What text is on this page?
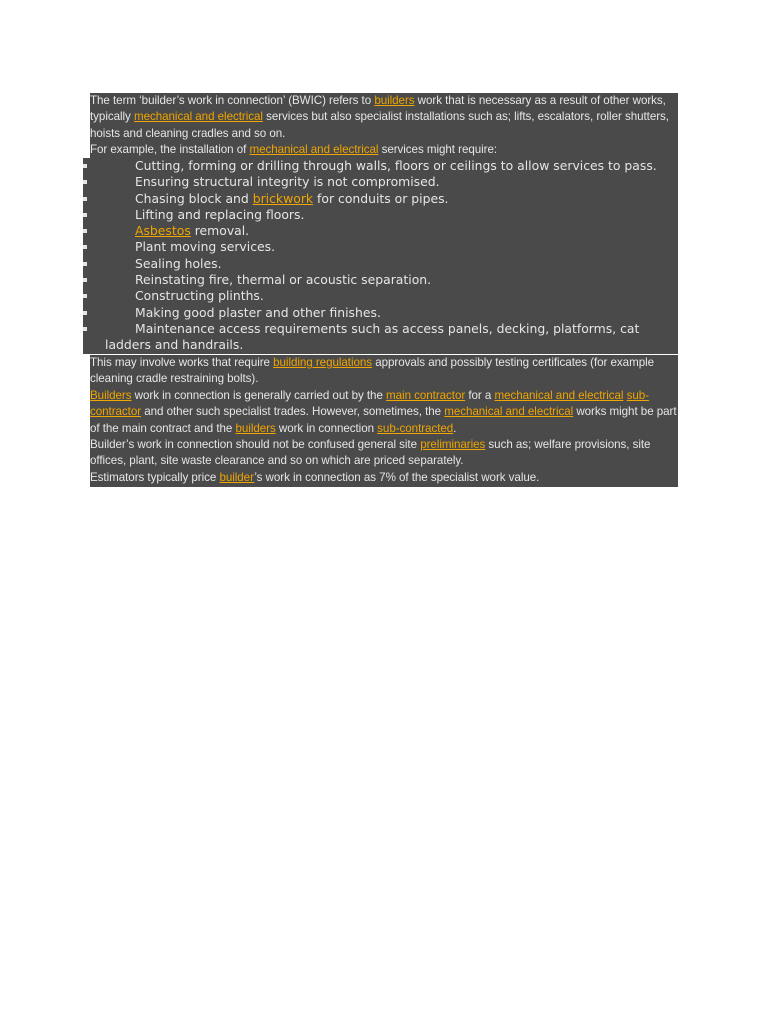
The term ‘builder’s work in connection’ (BWIC) refers to builders work that is necessary as a result of other works, typically mechanical and electrical services but also specialist installations such as; lifts, escalators, roller shutters, hoists and cleaning cradles and so on.

For example, the installation of mechanical and electrical services might require:

Cutting, forming or drilling through walls, floors or ceilings to allow services to pass.
Ensuring structural integrity is not compromised.
Chasing block and brickwork for conduits or pipes.
Lifting and replacing floors.
Asbestos removal.
Plant moving services.
Sealing holes.
Reinstating fire, thermal or acoustic separation.
Constructing plinths.
Making good plaster and other finishes.
Maintenance access requirements such as access panels, decking, platforms, cat
ladders and handrails.

This may involve works that require building regulations approvals and possibly testing certificates (for example cleaning cradle restraining bolts).

Builders work in connection is generally carried out by the main contractor for a mechanical and electrical sub-contractor and other such specialist trades. However, sometimes, the mechanical and electrical works might be part of the main contract and the builders work in connection sub-contracted.

Builder’s work in connection should not be confused general site preliminaries such as; welfare provisions, site offices, plant, site waste clearance and so on which are priced separately.

Estimators typically price builder’s work in connection as 7% of the specialist work value.
